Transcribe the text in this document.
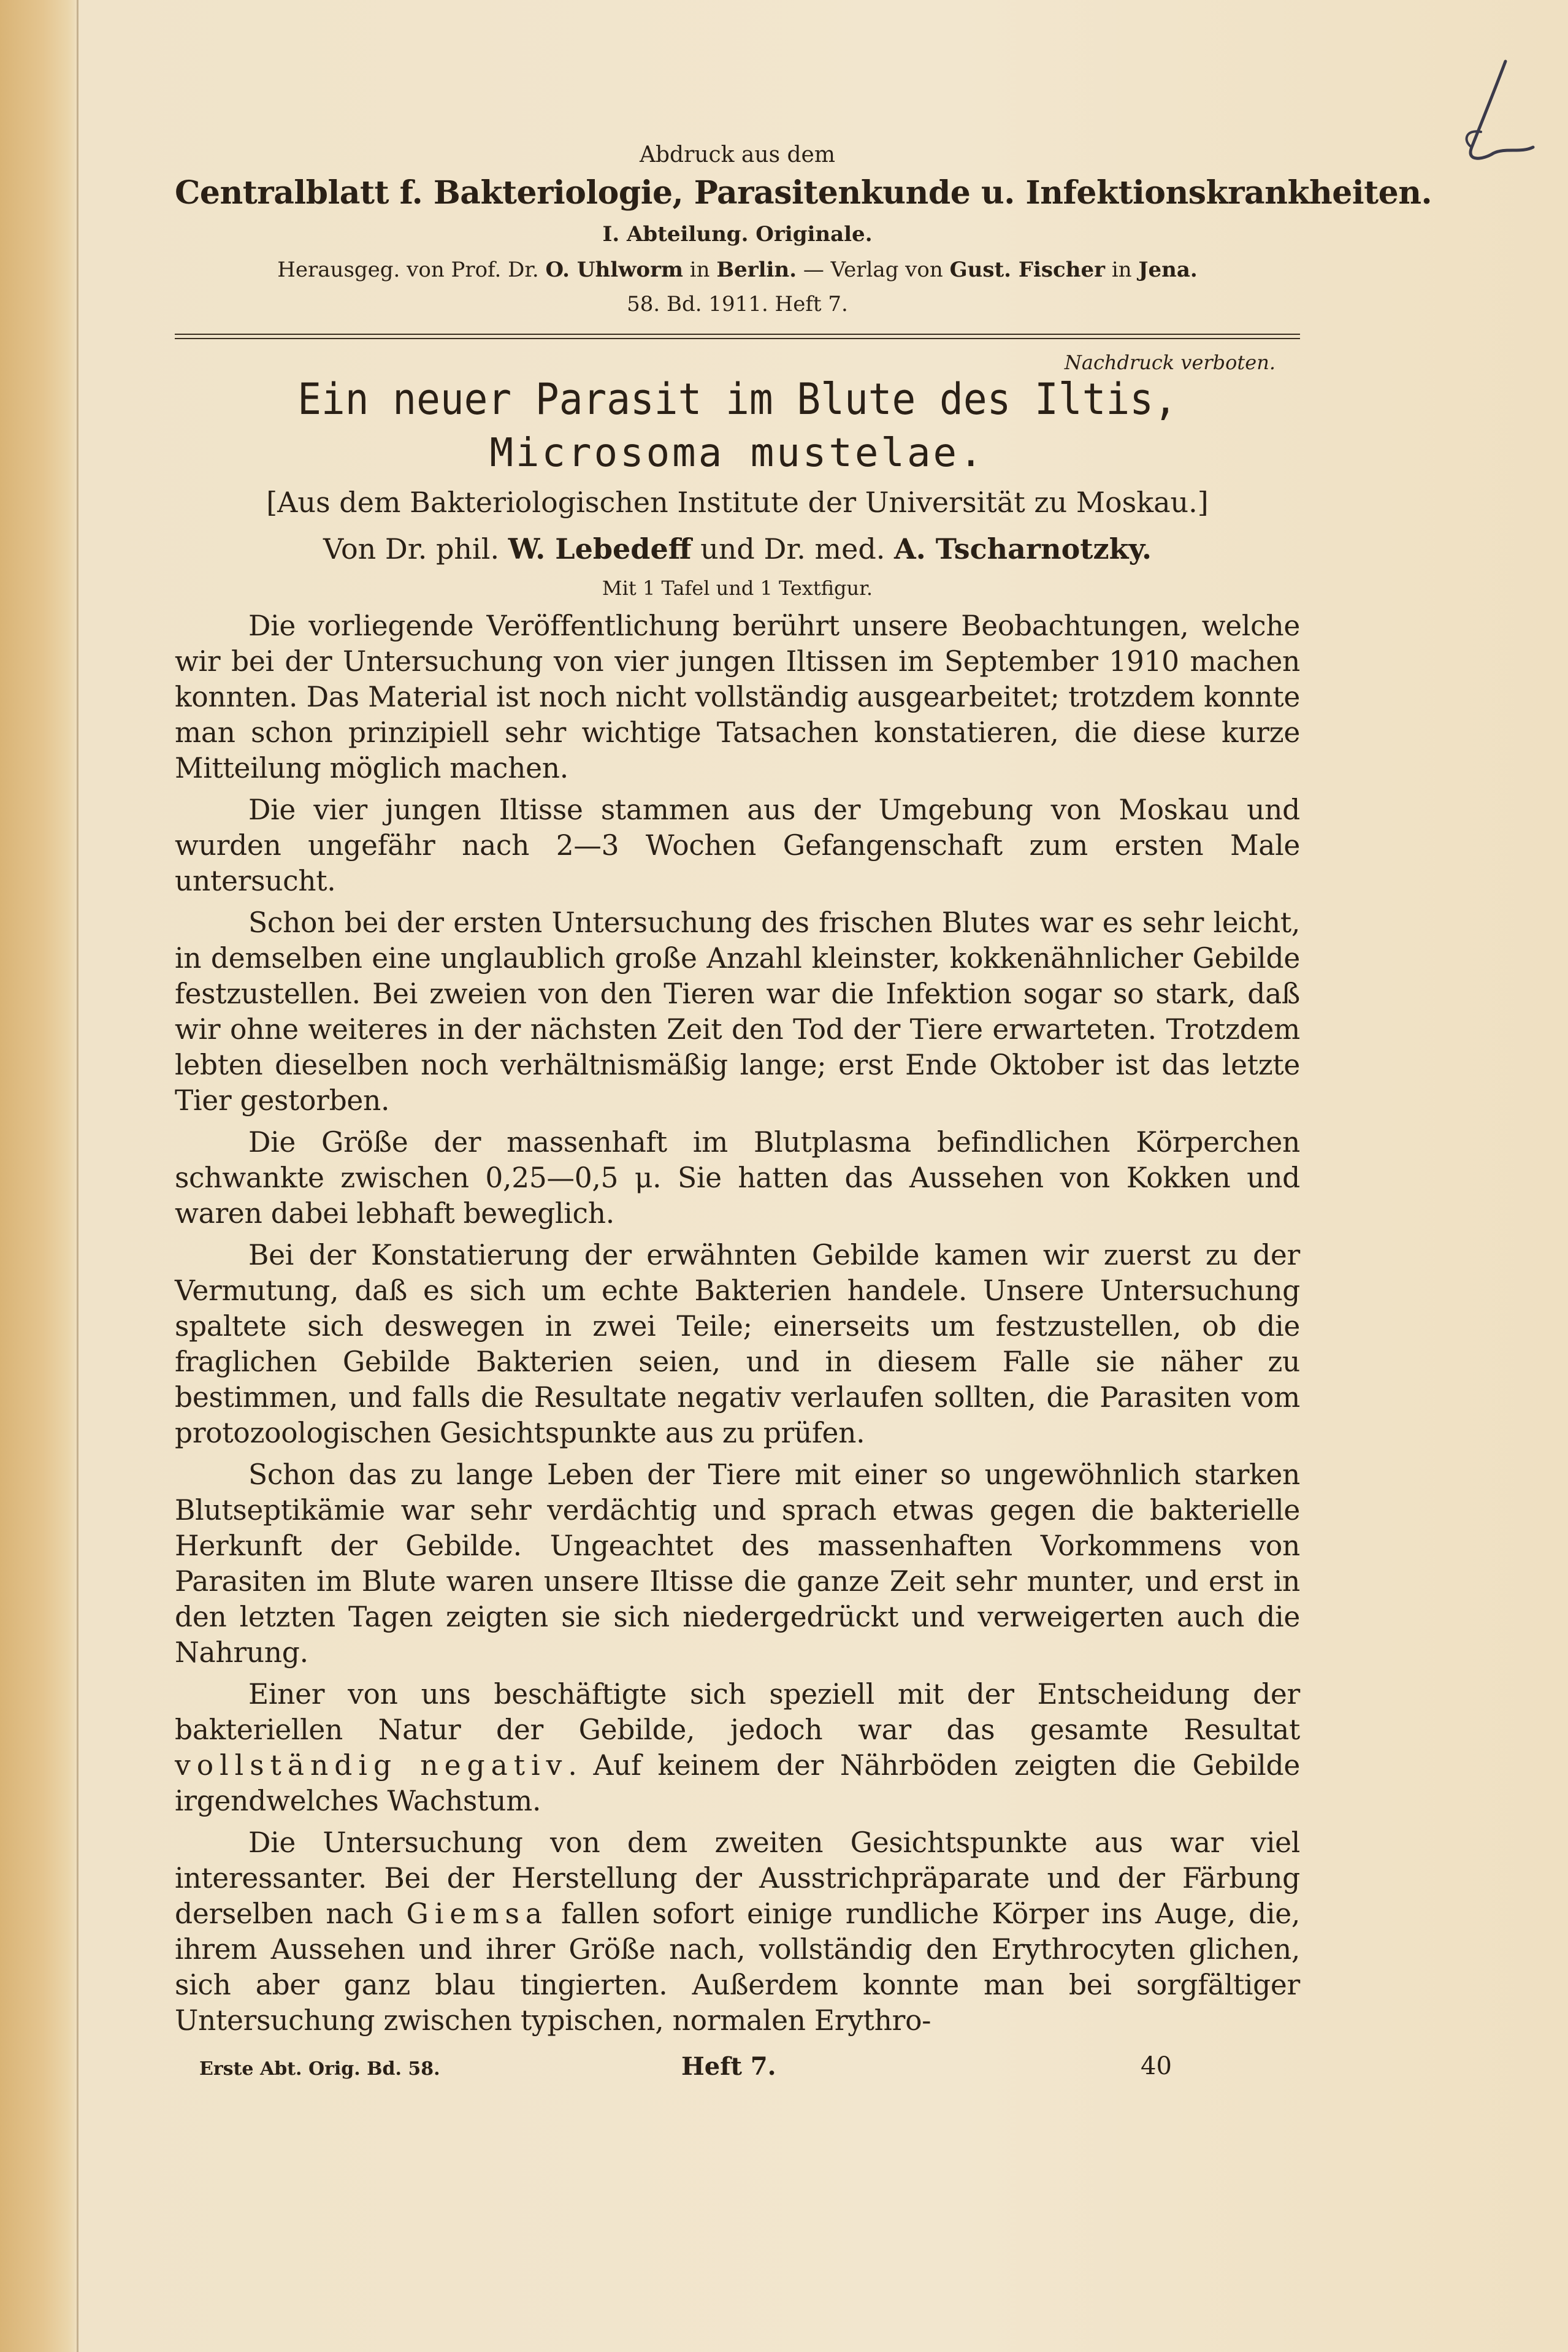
Abdruck aus dem
Centralblatt f. Bakteriologie, Parasitenkunde u. Infektionskrankheiten.
I. Abteilung. Originale.
Herausgeg. von Prof. Dr. O. Uhlworm in Berlin. — Verlag von Gust. Fischer in Jena.
58. Bd. 1911. Heft 7.
Nachdruck verboten.
Ein neuer Parasit im Blute des Iltis,
Microsoma mustelae.
[Aus dem Bakteriologischen Institute der Universität zu Moskau.]
Von Dr. phil. W. Lebedeff und Dr. med. A. Tscharnotzky.
Mit 1 Tafel und 1 Textfigur.

Die vorliegende Veröffentlichung berührt unsere Beobachtungen, welche wir bei der Untersuchung von vier jungen Iltissen im September 1910 machen konnten. Das Material ist noch nicht vollständig ausgearbeitet; trotzdem konnte man schon prinzipiell sehr wichtige Tatsachen konstatieren, die diese kurze Mitteilung möglich machen.

Die vier jungen Iltisse stammen aus der Umgebung von Moskau und wurden ungefähr nach 2—3 Wochen Gefangenschaft zum ersten Male untersucht.

Schon bei der ersten Untersuchung des frischen Blutes war es sehr leicht, in demselben eine unglaublich große Anzahl kleinster, kokkenähnlicher Gebilde festzustellen. Bei zweien von den Tieren war die Infektion sogar so stark, daß wir ohne weiteres in der nächsten Zeit den Tod der Tiere erwarteten. Trotzdem lebten dieselben noch verhältnismäßig lange; erst Ende Oktober ist das letzte Tier gestorben.

Die Größe der massenhaft im Blutplasma befindlichen Körperchen schwankte zwischen 0,25—0,5 μ. Sie hatten das Aussehen von Kokken und waren dabei lebhaft beweglich.

Bei der Konstatierung der erwähnten Gebilde kamen wir zuerst zu der Vermutung, daß es sich um echte Bakterien handele. Unsere Untersuchung spaltete sich deswegen in zwei Teile; einerseits um festzustellen, ob die fraglichen Gebilde Bakterien seien, und in diesem Falle sie näher zu bestimmen, und falls die Resultate negativ verlaufen sollten, die Parasiten vom protozoologischen Gesichtspunkte aus zu prüfen.

Schon das zu lange Leben der Tiere mit einer so ungewöhnlich starken Blutseptikämie war sehr verdächtig und sprach etwas gegen die bakterielle Herkunft der Gebilde. Ungeachtet des massenhaften Vorkommens von Parasiten im Blute waren unsere Iltisse die ganze Zeit sehr munter, und erst in den letzten Tagen zeigten sie sich niedergedrückt und verweigerten auch die Nahrung.

Einer von uns beschäftigte sich speziell mit der Entscheidung der bakteriellen Natur der Gebilde, jedoch war das gesamte Resultat vollständig negativ. Auf keinem der Nährböden zeigten die Gebilde irgendwelches Wachstum.

Die Untersuchung von dem zweiten Gesichtspunkte aus war viel interessanter. Bei der Herstellung der Ausstrichpräparate und der Färbung derselben nach Giemsa fallen sofort einige rundliche Körper ins Auge, die, ihrem Aussehen und ihrer Größe nach, vollständig den Erythrocyten glichen, sich aber ganz blau tingierten. Außerdem konnte man bei sorgfältiger Untersuchung zwischen typischen, normalen Erythro-

Erste Abt. Orig. Bd. 58.	Heft 7.	40
